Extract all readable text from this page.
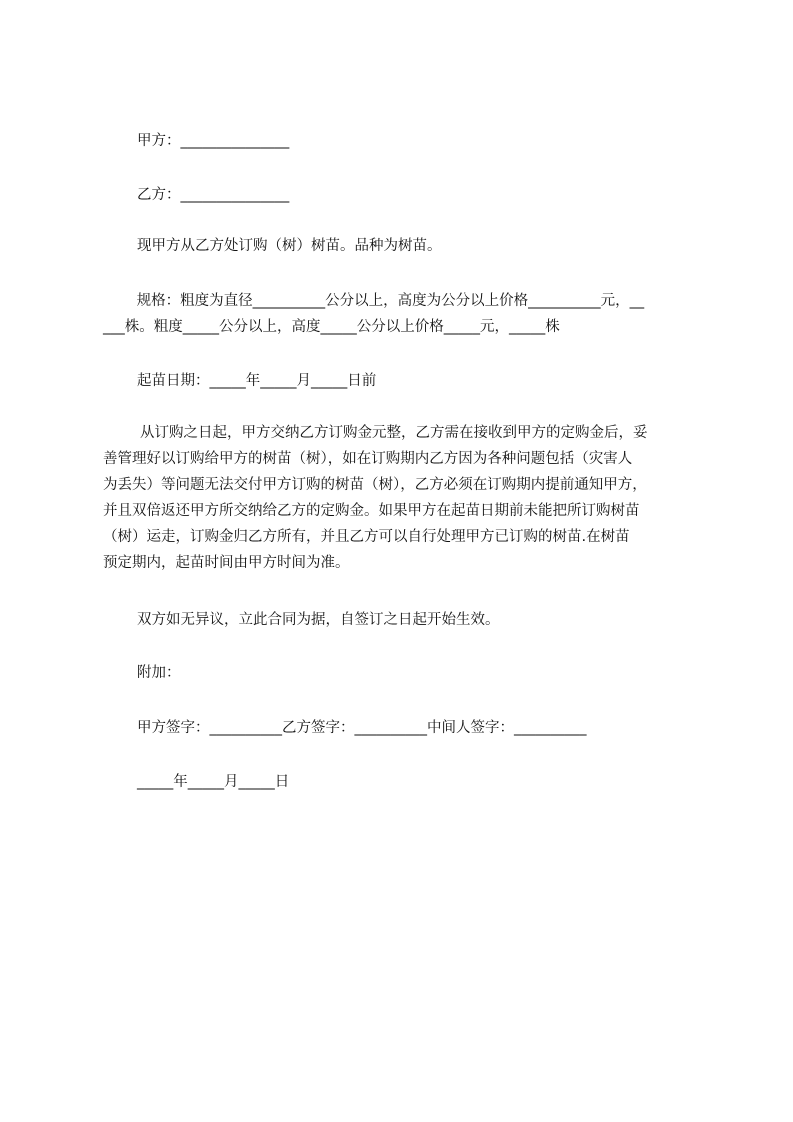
甲方：_______________
乙方：_______________
现甲方从乙方处订购（树）树苗。品种为树苗。
规格：粗度为直径__________公分以上，高度为公分以上价格__________元，__
___株。粗度_____公分以上，高度_____公分以上价格_____元，_____株
起苗日期：_____年_____月_____日前
从订购之日起，甲方交纳乙方订购金元整，乙方需在接收到甲方的定购金后，妥
善管理好以订购给甲方的树苗（树），如在订购期内乙方因为各种问题包括（灾害人
为丢失）等问题无法交付甲方订购的树苗（树），乙方必须在订购期内提前通知甲方，
并且双倍返还甲方所交纳给乙方的定购金。如果甲方在起苗日期前未能把所订购树苗
（树）运走，订购金归乙方所有，并且乙方可以自行处理甲方已订购的树苗.在树苗
预定期内，起苗时间由甲方时间为准。
双方如无异议，立此合同为据，自签订之日起开始生效。
附加：
甲方签字：__________乙方签字：__________中间人签字：__________
_____年_____月_____日
